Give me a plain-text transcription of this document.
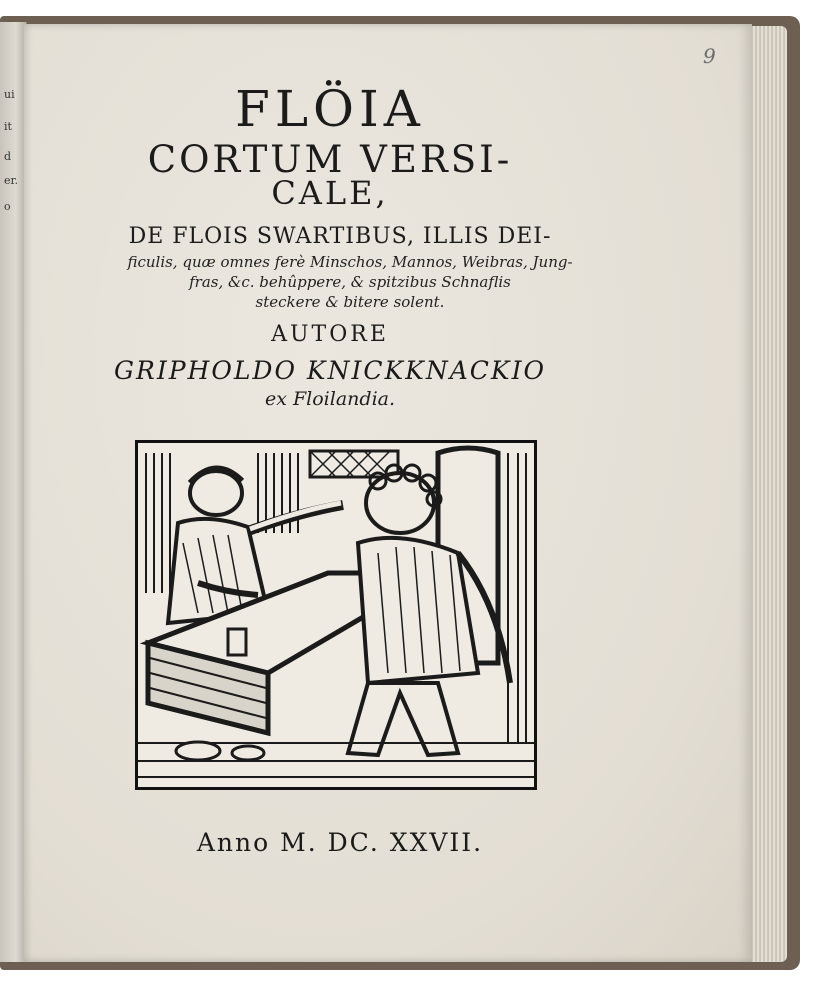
ui
it
d
er.
o
9
FLÖIA
CORTUM VERSI-
CALE,
DE FLOIS SWARTIBUS, ILLIS DEI-
ficulis, quæ omnes ferè Minschos, Mannos, Weibras, Jung-
fras, &c. behûppere, & spitzibus Schnaflis
steckere & bitere solent.
AUTORE
GRIPHOLDO KNICKKNACKIO
ex Floilandia.
Anno M. DC. XXVII.
